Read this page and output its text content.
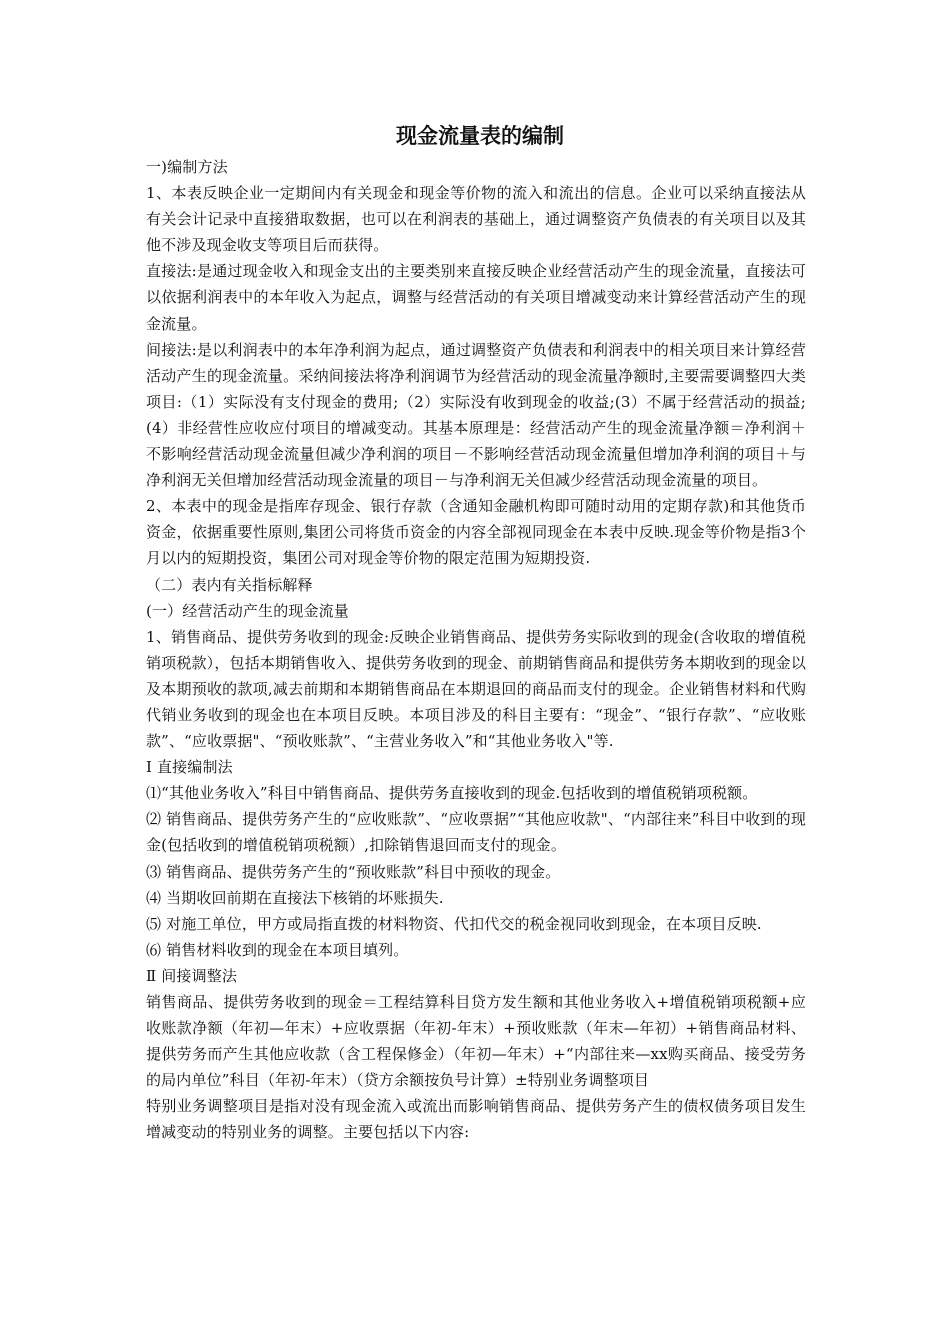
现金流量表的编制

一)编制方法

1、本表反映企业一定期间内有关现金和现金等价物的流入和流出的信息。企业可以采纳直接法从有关会计记录中直接猎取数据，也可以在利润表的基础上，通过调整资产负债表的有关项目以及其他不涉及现金收支等项目后而获得。

直接法:是通过现金收入和现金支出的主要类别来直接反映企业经营活动产生的现金流量，直接法可以依据利润表中的本年收入为起点，调整与经营活动的有关项目增减变动来计算经营活动产生的现金流量。

间接法:是以利润表中的本年净利润为起点，通过调整资产负债表和利润表中的相关项目来计算经营活动产生的现金流量。采纳间接法将净利润调节为经营活动的现金流量净额时,主要需要调整四大类项目:（1）实际没有支付现金的费用;（2）实际没有收到现金的收益;(3）不属于经营活动的损益;(4）非经营性应收应付项目的增减变动。其基本原理是：经营活动产生的现金流量净额＝净利润＋不影响经营活动现金流量但减少净利润的项目－不影响经营活动现金流量但增加净利润的项目＋与净利润无关但增加经营活动现金流量的项目－与净利润无关但减少经营活动现金流量的项目。

2、本表中的现金是指库存现金、银行存款（含通知金融机构即可随时动用的定期存款)和其他货币资金，依据重要性原则,集团公司将货币资金的内容全部视同现金在本表中反映.现金等价物是指3个月以内的短期投资，集团公司对现金等价物的限定范围为短期投资.

（二）表内有关指标解释

(一）经营活动产生的现金流量

1、销售商品、提供劳务收到的现金:反映企业销售商品、提供劳务实际收到的现金(含收取的增值税销项税款），包括本期销售收入、提供劳务收到的现金、前期销售商品和提供劳务本期收到的现金以及本期预收的款项,减去前期和本期销售商品在本期退回的商品而支付的现金。企业销售材料和代购代销业务收到的现金也在本项目反映。本项目涉及的科目主要有：“现金”、“银行存款”、“应收账款”、“应收票据"、“预收账款”、“主营业务收入”和“其他业务收入"等.

Ⅰ 直接编制法

⑴“其他业务收入”科目中销售商品、提供劳务直接收到的现金.包括收到的增值税销项税额。

⑵ 销售商品、提供劳务产生的“应收账款”、“应收票据”“其他应收款"、“内部往来”科目中收到的现金(包括收到的增值税销项税额）,扣除销售退回而支付的现金。

⑶ 销售商品、提供劳务产生的“预收账款”科目中预收的现金。

⑷ 当期收回前期在直接法下核销的坏账损失.

⑸ 对施工单位，甲方或局指直拨的材料物资、代扣代交的税金视同收到现金，在本项目反映.

⑹ 销售材料收到的现金在本项目填列。

Ⅱ 间接调整法

销售商品、提供劳务收到的现金＝工程结算科目贷方发生额和其他业务收入+增值税销项税额+应收账款净额（年初—年末）+应收票据（年初-年末）+预收账款（年末—年初）+销售商品材料、提供劳务而产生其他应收款（含工程保修金）（年初—年末）+“内部往来—xx购买商品、接受劳务的局内单位”科目（年初-年末）（贷方余额按负号计算）±特别业务调整项目

特别业务调整项目是指对没有现金流入或流出而影响销售商品、提供劳务产生的债权债务项目发生增减变动的特别业务的调整。主要包括以下内容:
